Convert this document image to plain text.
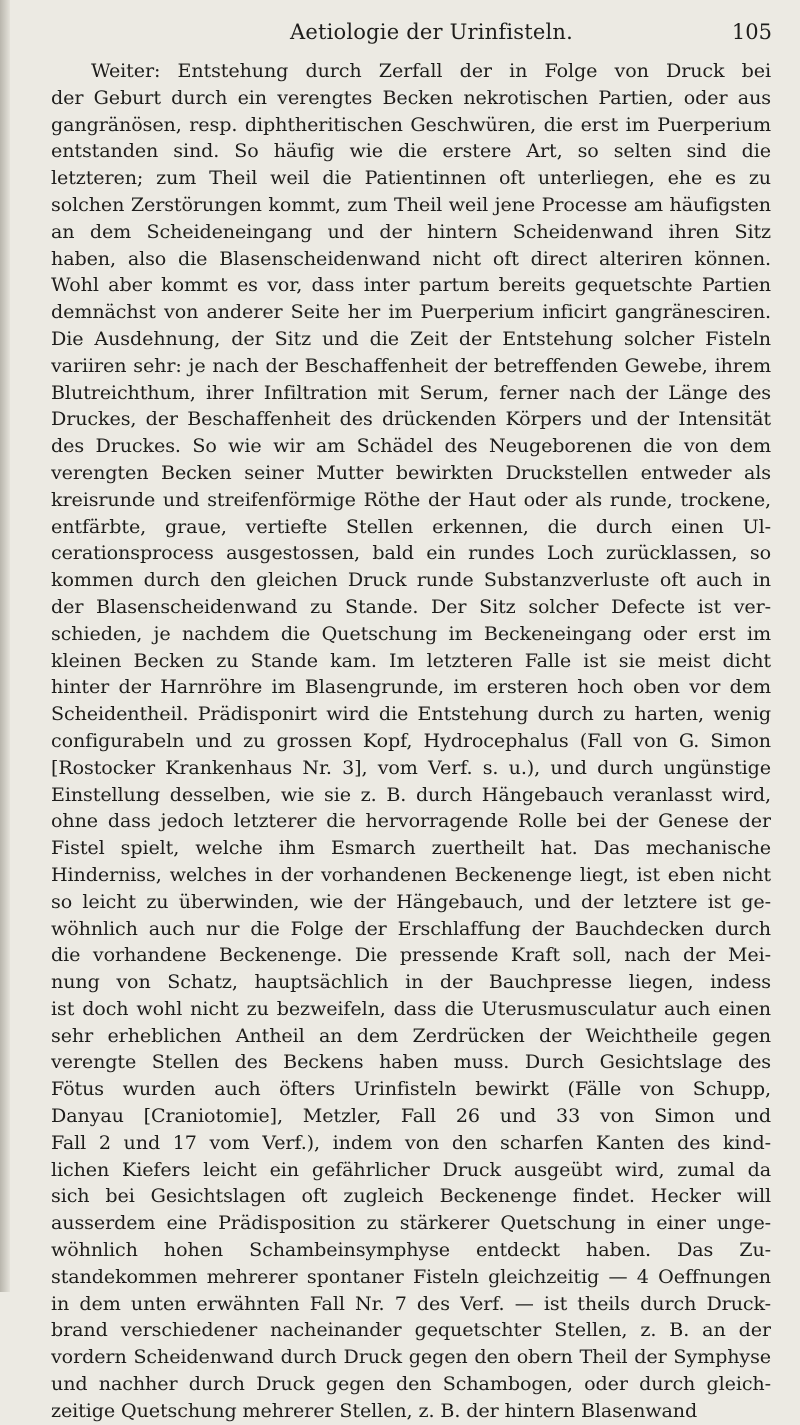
Aetiologie der Urinfisteln.	105
Weiter: Entstehung durch Zerfall der in Folge von Druck bei
der Geburt durch ein verengtes Becken nekrotischen Partien, oder aus
gangränösen, resp. diphtheritischen Geschwüren, die erst im Puerperium
entstanden sind. So häufig wie die erstere Art, so selten sind die
letzteren; zum Theil weil die Patientinnen oft unterliegen, ehe es zu
solchen Zerstörungen kommt, zum Theil weil jene Processe am häufigsten
an dem Scheideneingang und der hintern Scheidenwand ihren Sitz
haben, also die Blasenscheidenwand nicht oft direct alteriren können.
Wohl aber kommt es vor, dass inter partum bereits gequetschte Partien
demnächst von anderer Seite her im Puerperium inficirt gangränesciren.
Die Ausdehnung, der Sitz und die Zeit der Entstehung solcher Fisteln
variiren sehr: je nach der Beschaffenheit der betreffenden Gewebe, ihrem
Blutreichthum, ihrer Infiltration mit Serum, ferner nach der Länge des
Druckes, der Beschaffenheit des drückenden Körpers und der Intensität
des Druckes. So wie wir am Schädel des Neugeborenen die von dem
verengten Becken seiner Mutter bewirkten Druckstellen entweder als
kreisrunde und streifenförmige Röthe der Haut oder als runde, trockene,
entfärbte, graue, vertiefte Stellen erkennen, die durch einen Ul-
cerationsprocess ausgestossen, bald ein rundes Loch zurücklassen, so
kommen durch den gleichen Druck runde Substanzverluste oft auch in
der Blasenscheidenwand zu Stande. Der Sitz solcher Defecte ist ver-
schieden, je nachdem die Quetschung im Beckeneingang oder erst im
kleinen Becken zu Stande kam. Im letzteren Falle ist sie meist dicht
hinter der Harnröhre im Blasengrunde, im ersteren hoch oben vor dem
Scheidentheil. Prädisponirt wird die Entstehung durch zu harten, wenig
configurabeln und zu grossen Kopf, Hydrocephalus (Fall von G. Simon
[Rostocker Krankenhaus Nr. 3], vom Verf. s. u.), und durch ungünstige
Einstellung desselben, wie sie z. B. durch Hängebauch veranlasst wird,
ohne dass jedoch letzterer die hervorragende Rolle bei der Genese der
Fistel spielt, welche ihm Esmarch zuertheilt hat. Das mechanische
Hinderniss, welches in der vorhandenen Beckenenge liegt, ist eben nicht
so leicht zu überwinden, wie der Hängebauch, und der letztere ist ge-
wöhnlich auch nur die Folge der Erschlaffung der Bauchdecken durch
die vorhandene Beckenenge. Die pressende Kraft soll, nach der Mei-
nung von Schatz, hauptsächlich in der Bauchpresse liegen, indess
ist doch wohl nicht zu bezweifeln, dass die Uterusmusculatur auch einen
sehr erheblichen Antheil an dem Zerdrücken der Weichtheile gegen
verengte Stellen des Beckens haben muss. Durch Gesichtslage des
Fötus wurden auch öfters Urinfisteln bewirkt (Fälle von Schupp,
Danyau [Craniotomie], Metzler, Fall 26 und 33 von Simon und
Fall 2 und 17 vom Verf.), indem von den scharfen Kanten des kind-
lichen Kiefers leicht ein gefährlicher Druck ausgeübt wird, zumal da
sich bei Gesichtslagen oft zugleich Beckenenge findet. Hecker will
ausserdem eine Prädisposition zu stärkerer Quetschung in einer unge-
wöhnlich hohen Schambeinsymphyse entdeckt haben. Das Zu-
standekommen mehrerer spontaner Fisteln gleichzeitig — 4 Oeffnungen
in dem unten erwähnten Fall Nr. 7 des Verf. — ist theils durch Druck-
brand verschiedener nacheinander gequetschter Stellen, z. B. an der
vordern Scheidenwand durch Druck gegen den obern Theil der Symphyse
und nachher durch Druck gegen den Schambogen, oder durch gleich-
zeitige Quetschung mehrerer Stellen, z. B. der hintern Blasenwand
